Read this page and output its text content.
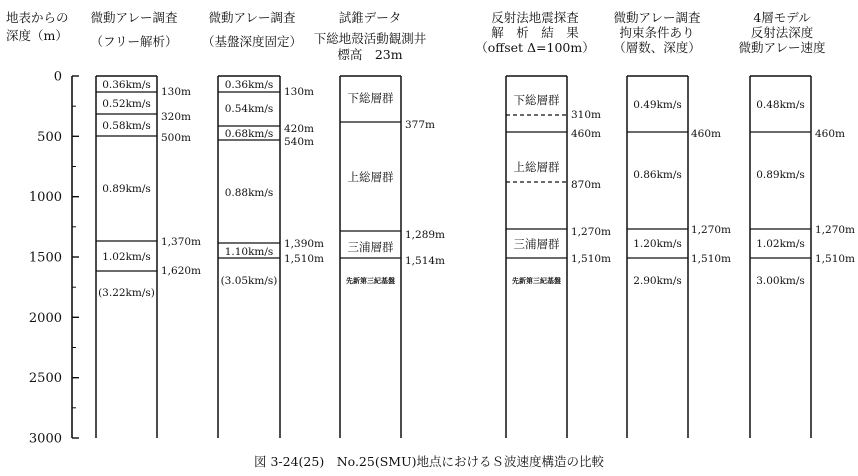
地表からの
深度（m）
微動アレー調査
（フリー解析）
微動アレー調査
（基盤深度固定）
試錐データ
下総地殻活動観測井
標高　23m
反射法地震探査
解　析　結　果
（offset Δ=100m）
微動アレー調査
拘束条件あり
（層数、深度）
4層モデル
反射法深度
微動アレー速度
0
500
1000
1500
2000
2500
3000
0.36km/s
0.52km/s
0.58km/s
0.89km/s
1.02km/s
(3.22km/s)
130m
320m
500m
1,370m
1,620m
0.36km/s
0.54km/s
0.68km/s
0.88km/s
1.10km/s
(3.05km/s)
130m
420m
540m
1,390m
1,510m
下総層群
上総層群
三浦層群
先新第三紀基盤
377m
1,289m
1,514m
下総層群
上総層群
三浦層群
先新第三紀基盤
310m
460m
870m
1,270m
1,510m
0.49km/s
0.86km/s
1.20km/s
2.90km/s
460m
1,270m
1,510m
0.48km/s
0.89km/s
1.02km/s
3.00km/s
460m
1,270m
1,510m
図 3-24(25)　No.25(SMU)地点におけるＳ波速度構造の比較
